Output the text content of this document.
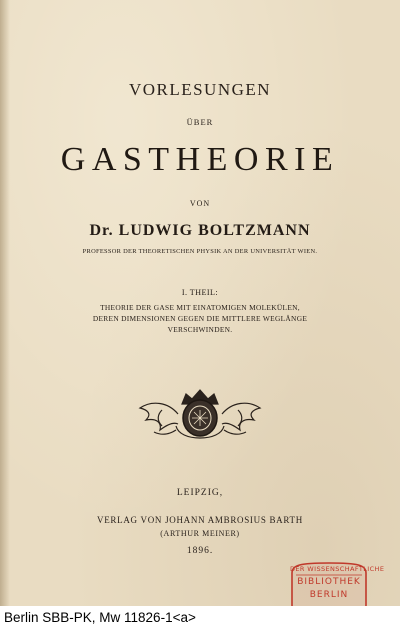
VORLESUNGEN
ÜBER
GASTHEORIE
VON
Dr. LUDWIG BOLTZMANN
PROFESSOR DER THEORETISCHEN PHYSIK AN DER UNIVERSITÄT WIEN.
I. THEIL:
THEORIE DER GASE MIT EINATOMIGEN MOLEKÜLEN,
DEREN DIMENSIONEN GEGEN DIE MITTLERE WEGLÄNGE
VERSCHWINDEN.
LEIPZIG,
VERLAG VON JOHANN AMBROSIUS BARTH
(ARTHUR MEINER)
1896.
DER WISSENSCHAFTLICHE
BIBLIOTHEK
BERLIN
Berlin SBB-PK, Mw 11826-1<a>
